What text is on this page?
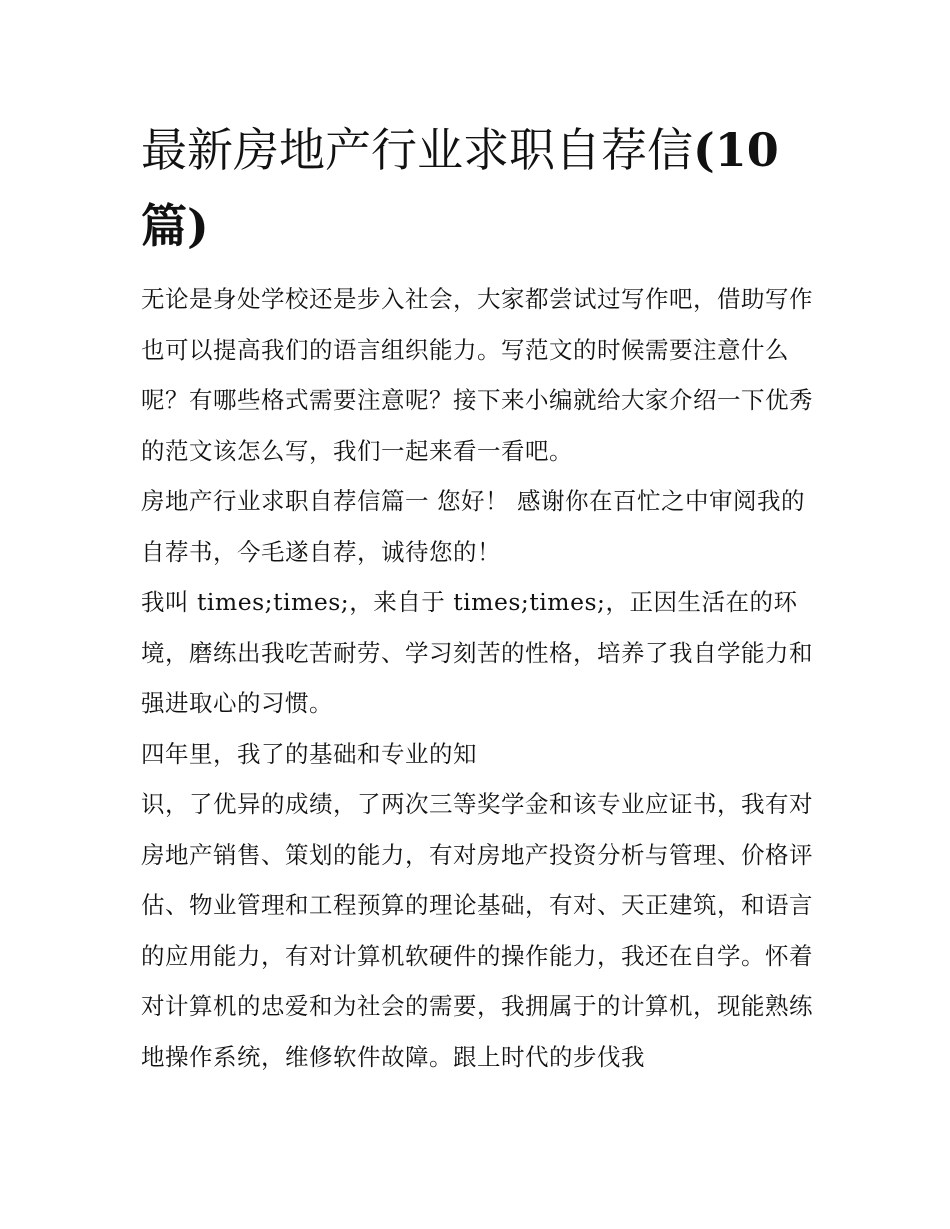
最新房地产行业求职自荐信(10
篇)

无论是身处学校还是步入社会，大家都尝试过写作吧，借助写作也可以提高我们的语言组织能力。写范文的时候需要注意什么呢？有哪些格式需要注意呢？接下来小编就给大家介绍一下优秀的范文该怎么写，我们一起来看一看吧。

房地产行业求职自荐信篇一 您好！ 感谢你在百忙之中审阅我的自荐书，今毛遂自荐，诚待您的！

我叫 times;times;，来自于 times;times;，正因生活在的环境，磨练出我吃苦耐劳、学习刻苦的性格，培养了我自学能力和强进取心的习惯。

四年里，我了的基础和专业的知

识，了优异的成绩，了两次三等奖学金和该专业应证书，我有对房地产销售、策划的能力，有对房地产投资分析与管理、价格评估、物业管理和工程预算的理论基础，有对、天正建筑，和语言的应用能力，有对计算机软硬件的操作能力，我还在自学。怀着对计算机的忠爱和为社会的需要，我拥属于的计算机，现能熟练地操作系统，维修软件故障。跟上时代的步伐我
